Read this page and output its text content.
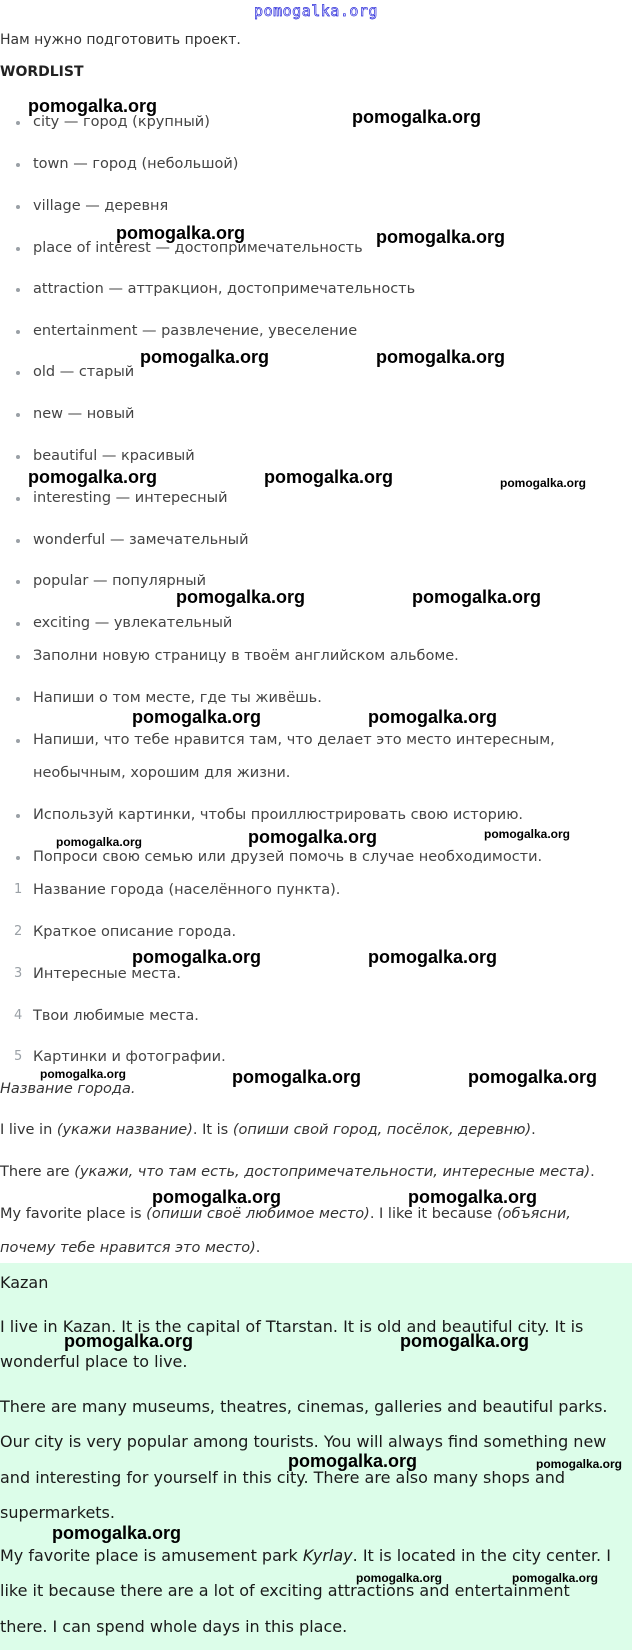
pomogalka.org
Нам нужно подготовить проект.
WORDLIST
city — город (крупный)
town — город (небольшой)
village — деревня
place of interest — достопримечательность
attraction — аттракцион, достопримечательность
entertainment — развлечение, увеселение
old — старый
new — новый
beautiful — красивый
interesting — интересный
wonderful — замечательный
popular — популярный
exciting — увлекательный
Заполни новую страницу в твоём английском альбоме.
Напиши о том месте, где ты живёшь.
Напиши, что тебе нравится там, что делает это место интересным,
необычным, хорошим для жизни.
Используй картинки, чтобы проиллюстрировать свою историю.
Попроси свою семью или друзей помочь в случае необходимости.
1 Название города (населённого пункта).
2 Краткое описание города.
3 Интересные места.
4 Твои любимые места.
5 Картинки и фотографии.
Название города.
I live in (укажи название). It is (опиши свой город, посёлок, деревню).
There are (укажи, что там есть, достопримечательности, интересные места).
My favorite place is (опиши своё любимое место). I like it because (объясни,
почему тебе нравится это место).
Kazan
I live in Kazan. It is the capital of Ttarstan. It is old and beautiful city. It is
wonderful place to live.
There are many museums, theatres, cinemas, galleries and beautiful parks.
Our city is very popular among tourists. You will always find something new
and interesting for yourself in this city. There are also many shops and
supermarkets.
My favorite place is amusement park Kyrlay. It is located in the city center. I
like it because there are a lot of exciting attractions and entertainment
there. I can spend whole days in this place.
pomogalka.org
pomogalka.org
pomogalka.org	pomogalka.org
pomogalka.org	pomogalka.org
pomogalka.org	pomogalka.org	pomogalka.org
pomogalka.org	pomogalka.org
pomogalka.org	pomogalka.org
pomogalka.org	pomogalka.org	pomogalka.org
pomogalka.org	pomogalka.org
pomogalka.org	pomogalka.org	pomogalka.org
pomogalka.org	pomogalka.org
pomogalka.org	pomogalka.org
pomogalka.org	pomogalka.org
pomogalka.org
pomogalka.org	pomogalka.org
